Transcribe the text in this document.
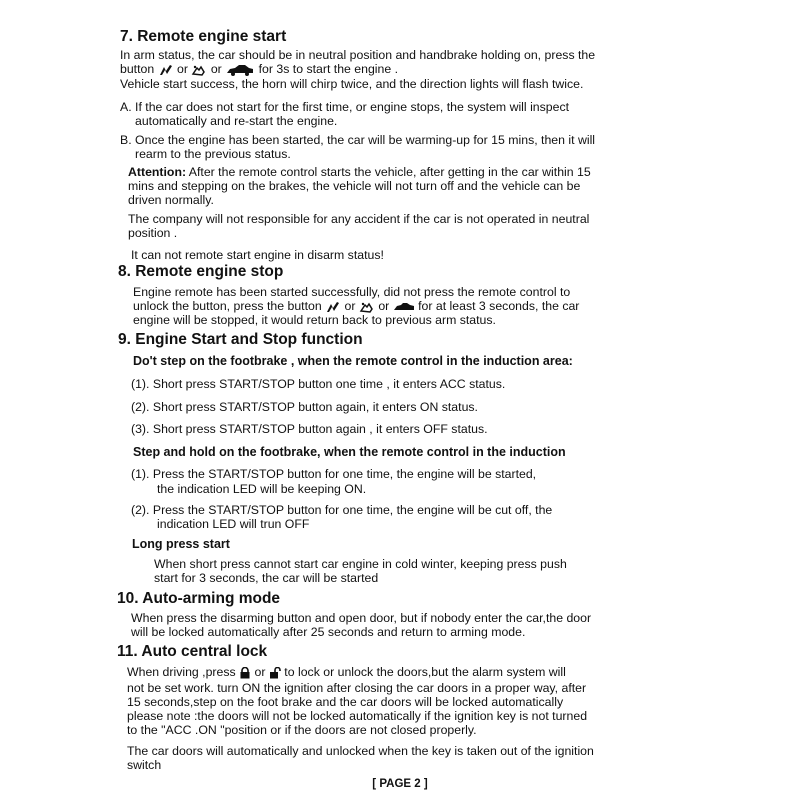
7. Remote engine start
In arm status, the car should be in neutral position and handbrake holding on, press the
button or or	for 3s to start the engine .
Vehicle start success, the horn will chirp twice, and the direction lights will flash twice.
A. If the car does not start for the first time, or engine stops, the system will inspect
automatically and re-start the engine.
B. Once the engine has been started, the car will be warming-up for 15 mins, then it will
rearm to the previous status.
Attention: After the remote control starts the vehicle, after getting in the car within 15
mins and stepping on the brakes, the vehicle will not turn off and the vehicle can be
driven normally.
The company will not responsible for any accident if the car is not operated in neutral
position .
It can not remote start engine in disarm status!
8. Remote engine stop
Engine remote has been started successfully, did not press the remote control to
unlock the button, press the button or or for at least 3 seconds, the car
engine will be stopped, it would return back to previous arm status.
9. Engine Start and Stop function
Do't step on the footbrake , when the remote control in the induction area:
(1). Short press START/STOP button one time , it enters ACC status.
(2). Short press START/STOP button again, it enters ON status.
(3). Short press START/STOP button again , it enters OFF status.
Step and hold on the footbrake, when the remote control in the induction
(1). Press the START/STOP button for one time, the engine will be started,
the indication LED will be keeping ON.
(2). Press the START/STOP button for one time, the engine will be cut off, the
indication LED will trun OFF
Long press start
When short press cannot start car engine in cold winter, keeping press push
start for 3 seconds, the car will be started
10. Auto-arming mode
When press the disarming button and open door, but if nobody enter the car,the door
will be locked automatically after 25 seconds and return to arming mode.
11. Auto central lock
When driving ,press or to lock or unlock the doors,but the alarm system will
not be set work. turn ON the ignition after closing the car doors in a proper way, after
15 seconds,step on the foot brake and the car doors will be locked automatically
please note :the doors will not be locked automatically if the ignition key is not turned
to the "ACC .ON "position or if the doors are not closed properly.
The car doors will automatically and unlocked when the key is taken out of the ignition
switch
[ PAGE 2 ]
